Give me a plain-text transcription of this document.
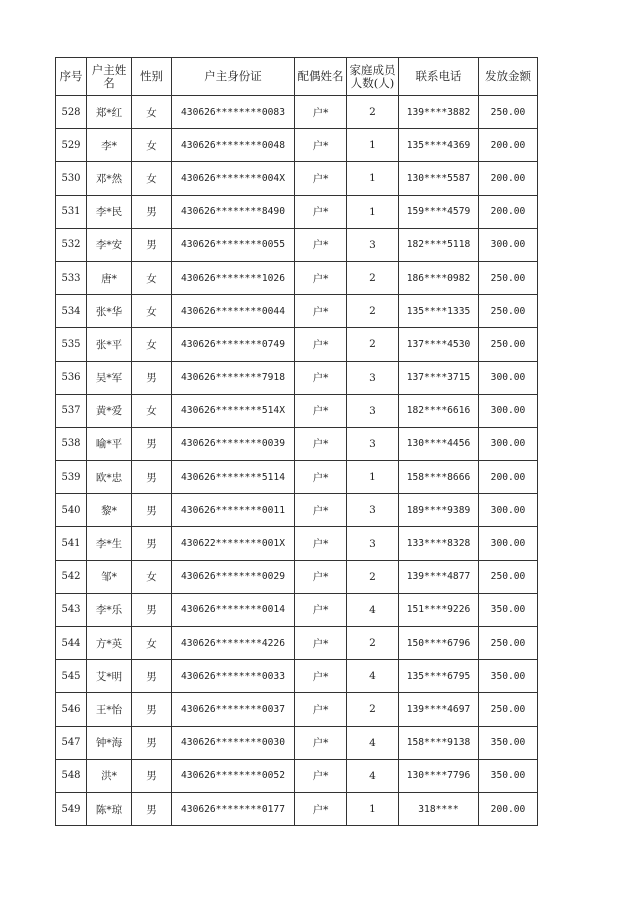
序号	户主姓名	性别	户主身份证	配偶姓名	家庭成员人数(人)	联系电话	发放金额
528	郑*红	女	430626********0083	户*	2	139****3882	250.00
529	李*	女	430626********0048	户*	1	135****4369	200.00
530	邓*然	女	430626********004X	户*	1	130****5587	200.00
531	李*民	男	430626********8490	户*	1	159****4579	200.00
532	李*安	男	430626********0055	户*	3	182****5118	300.00
533	唐*	女	430626********1026	户*	2	186****0982	250.00
534	张*华	女	430626********0044	户*	2	135****1335	250.00
535	张*平	女	430626********0749	户*	2	137****4530	250.00
536	吴*军	男	430626********7918	户*	3	137****3715	300.00
537	黄*爱	女	430626********514X	户*	3	182****6616	300.00
538	喻*平	男	430626********0039	户*	3	130****4456	300.00
539	欧*忠	男	430626********5114	户*	1	158****8666	200.00
540	黎*	男	430626********0011	户*	3	189****9389	300.00
541	李*生	男	430622********001X	户*	3	133****8328	300.00
542	邹*	女	430626********0029	户*	2	139****4877	250.00
543	李*乐	男	430626********0014	户*	4	151****9226	350.00
544	方*英	女	430626********4226	户*	2	150****6796	250.00
545	艾*明	男	430626********0033	户*	4	135****6795	350.00
546	王*怡	男	430626********0037	户*	2	139****4697	250.00
547	钟*海	男	430626********0030	户*	4	158****9138	350.00
548	洪*	男	430626********0052	户*	4	130****7796	350.00
549	陈*琼	男	430626********0177	户*	1	318****	200.00
